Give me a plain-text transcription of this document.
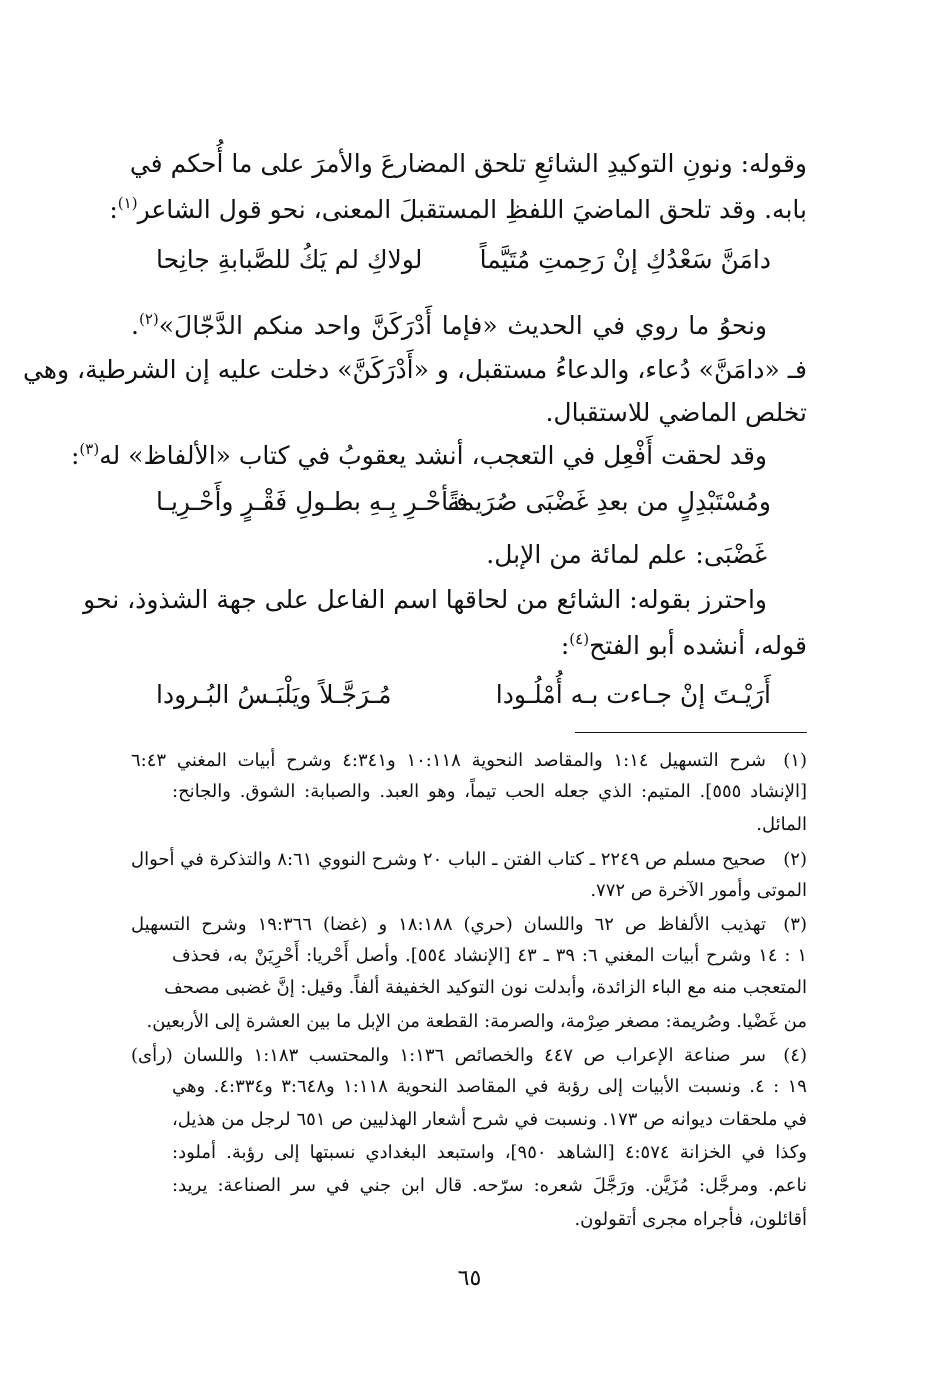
وقوله: ونونِ التوكيدِ الشائعِ تلحق المضارعَ والأمرَ على ما أُحكم في
بابه. وقد تلحق الماضيَ اللفظِ المستقبلَ المعنى، نحو قول الشاعر$^{(١)}$:
دامَنَّ سَعْدُكِ إنْ رَحِمتِ مُتَيَّماً
لولاكِ لم يَكُ للصَّبابةِ جانِحا
ونحوُ ما روي في الحديث «فإما أَدْرَكَنَّ واحد منكم الدَّجّالَ»$^{(٢)}$.
فـ «دامَنَّ» دُعاء، والدعاءُ مستقبل، و «أَدْرَكَنَّ» دخلت عليه إن الشرطية، وهي
تخلص الماضي للاستقبال.
وقد لحقت أَفْعِل في التعجب، أنشد يعقوبُ في كتاب «الألفاظ» له$^{(٣)}$:
ومُسْتَبْدِلٍ من بعدِ غَضْبَى صُرَيمةً
فـأحْـرِ بِـهِ بطـولِ فَقْـرٍ وأَحْـرِيـا
غَضْبَى: علم لمائة من الإبل.
واحترز بقوله: الشائع من لحاقها اسم الفاعل على جهة الشذوذ، نحو
قوله، أنشده أبو الفتح$^{(٤)}$:
أَرَيْـتَ إنْ جـاءت بـه أُمْلُـودا
مُـرَجَّـلاً ويَلْبَـسُ البُـرودا
(١)شرح التسهيل ١:١٤ والمقاصد النحوية ١٠:١١٨ و٤:٣٤١ وشرح أبيات المغني ٦:٤٣
[الإنشاد ٥٥٥]. المتيم: الذي جعله الحب تيماً، وهو العبد. والصبابة: الشوق. والجانح:
المائل.
(٢)صحيح مسلم ص ٢٢٤٩ ـ كتاب الفتن ـ الباب ٢٠ وشرح النووي ٨:٦١ والتذكرة في أحوال
الموتى وأمور الآخرة ص ٧٧٢.
(٣)تهذيب الألفاظ ص ٦٢ واللسان (حري) ١٨:١٨٨ و (غضا) ١٩:٣٦٦ وشرح التسهيل
١ : ١٤ وشرح أبيات المغني ٦: ٣٩ ـ ٤٣ [الإنشاد ٥٥٤]. وأصل أَحْريا: أَحْرِيَنْ به، فحذف
المتعجب منه مع الباء الزائدة، وأبدلت نون التوكيد الخفيفة ألفاً. وقيل: إنَّ غضبى مصحف
من غَضْيا. وصُريمة: مصغر صِرْمة، والصرمة: القطعة من الإبل ما بين العشرة إلى الأربعين.
(٤)سر صناعة الإعراب ص ٤٤٧ والخصائص ١:١٣٦ والمحتسب ١:١٨٣ واللسان (رأى)
١٩ : ٤. ونسبت الأبيات إلى رؤبة في المقاصد النحوية ١:١١٨ و٣:٦٤٨ و٤:٣٣٤. وهي
في ملحقات ديوانه ص ١٧٣. ونسبت في شرح أشعار الهذليين ص ٦٥١ لرجل من هذيل،
وكذا في الخزانة ٤:٥٧٤ [الشاهد ٩٥٠]، واستبعد البغدادي نسبتها إلى رؤبة. أملود:
ناعم. ومرجَّل: مُزَيَّن. ورَجَّلَ شعره: سرّحه. قال ابن جني في سر الصناعة: يريد:
أقائلون، فأجراه مجرى أتقولون.
٦٥
